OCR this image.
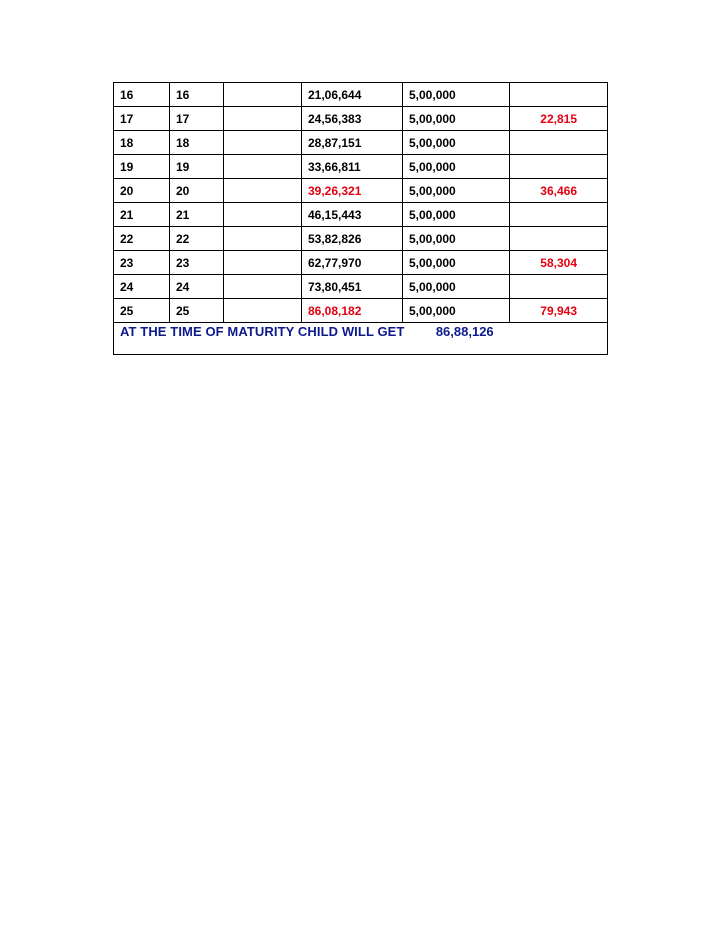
16	16		21,06,644	5,00,000	
17	17		24,56,383	5,00,000	22,815
18	18		28,87,151	5,00,000	
19	19		33,66,811	5,00,000	
20	20		39,26,321	5,00,000	36,466
21	21		46,15,443	5,00,000	
22	22		53,82,826	5,00,000	
23	23		62,77,970	5,00,000	58,304
24	24		73,80,451	5,00,000	
25	25		86,08,182	5,00,000	79,943
AT THE TIME OF MATURITY CHILD WILL GET 86,88,126					
